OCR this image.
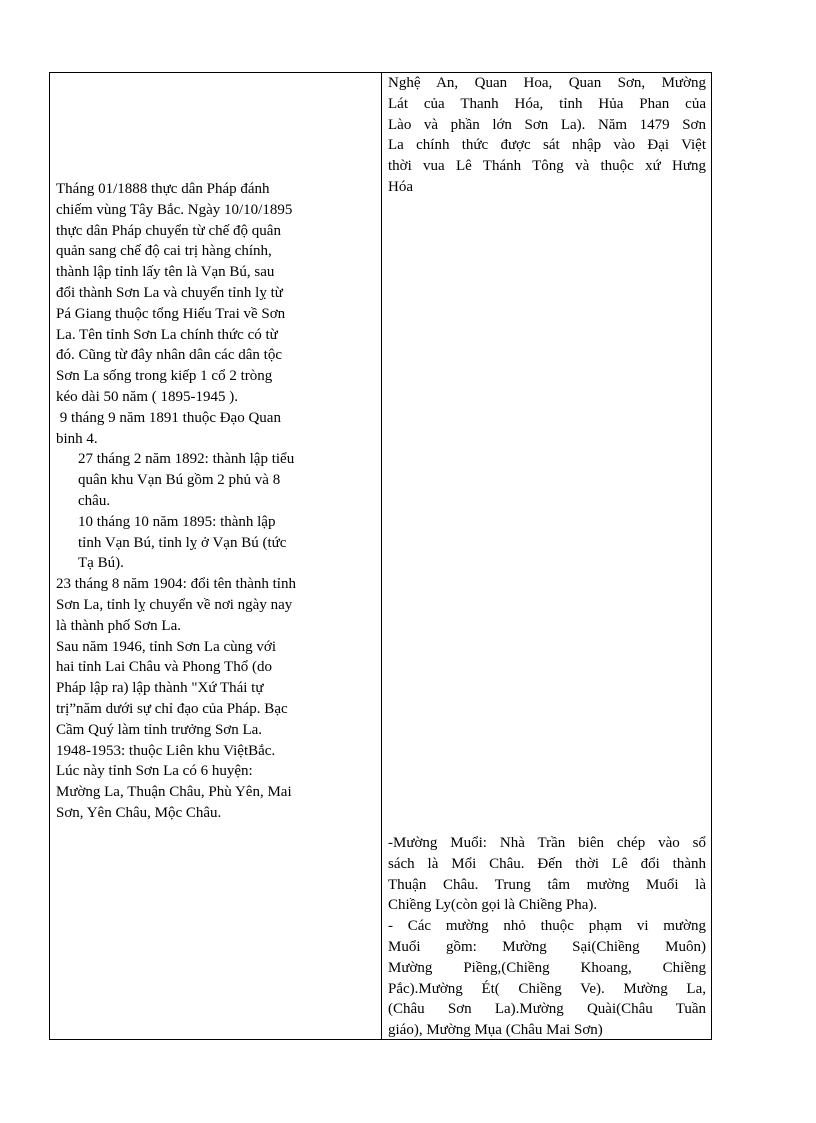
Tháng 01/1888 thực dân Pháp đánh
chiếm vùng Tây Bắc. Ngày 10/10/1895
thực dân Pháp chuyển từ chế độ quân
quản sang chế độ cai trị hàng chính,
thành lập tỉnh lấy tên là Vạn Bú, sau
đổi thành Sơn La và chuyển tỉnh lỵ từ
Pá Giang thuộc tổng Hiếu Trai về Sơn
La. Tên tỉnh Sơn La chính thức có từ
đó. Cũng từ đây nhân dân các dân tộc
Sơn La sống trong kiếp 1 cổ 2 tròng
kéo dài 50 năm ( 1895-1945 ).
9 tháng 9 năm 1891 thuộc Đạo Quan
binh 4.
27 tháng 2 năm 1892: thành lập tiểu
quân khu Vạn Bú gồm 2 phủ và 8
châu.
10 tháng 10 năm 1895: thành lập
tỉnh Vạn Bú, tỉnh lỵ ở Vạn Bú (tức
Tạ Bú).
23 tháng 8 năm 1904: đổi tên thành tỉnh
Sơn La, tỉnh lỵ chuyển về nơi ngày nay
là thành phố Sơn La.
Sau năm 1946, tỉnh Sơn La cùng với
hai tỉnh Lai Châu và Phong Thổ (do
Pháp lập ra) lập thành "Xứ Thái tự
trị”năm dưới sự chỉ đạo của Pháp. Bạc
Cầm Quý làm tỉnh trưởng Sơn La.
1948-1953: thuộc Liên khu ViệtBắc.
Lúc này tỉnh Sơn La có 6 huyện:
Mường La, Thuận Châu, Phù Yên, Mai
Sơn, Yên Châu, Mộc Châu.
Nghệ An, Quan Hoa, Quan Sơn, Mường
Lát của Thanh Hóa, tỉnh Hủa Phan của
Lào và phần lớn Sơn La). Năm 1479 Sơn
La chính thức được sát nhập vào Đại Việt
thời vua Lê Thánh Tông và thuộc xứ Hưng
Hóa
-Mường Muổi: Nhà Trần biên chép vào sổ
sách là Mổi Châu. Đến thời Lê đổi thành
Thuận Châu. Trung tâm mường Muổi là
Chiềng Ly(còn gọi là Chiềng Pha).
- Các mường nhỏ thuộc phạm vi mường
Muổi gồm: Mường Sại(Chiềng Muôn)
Mường Piềng,(Chiềng Khoang, Chiềng
Pắc).Mường Ét( Chiềng Ve). Mường La,
(Châu Sơn La).Mường Quài(Châu Tuần
giáo), Mường Mụa (Châu Mai Sơn)
